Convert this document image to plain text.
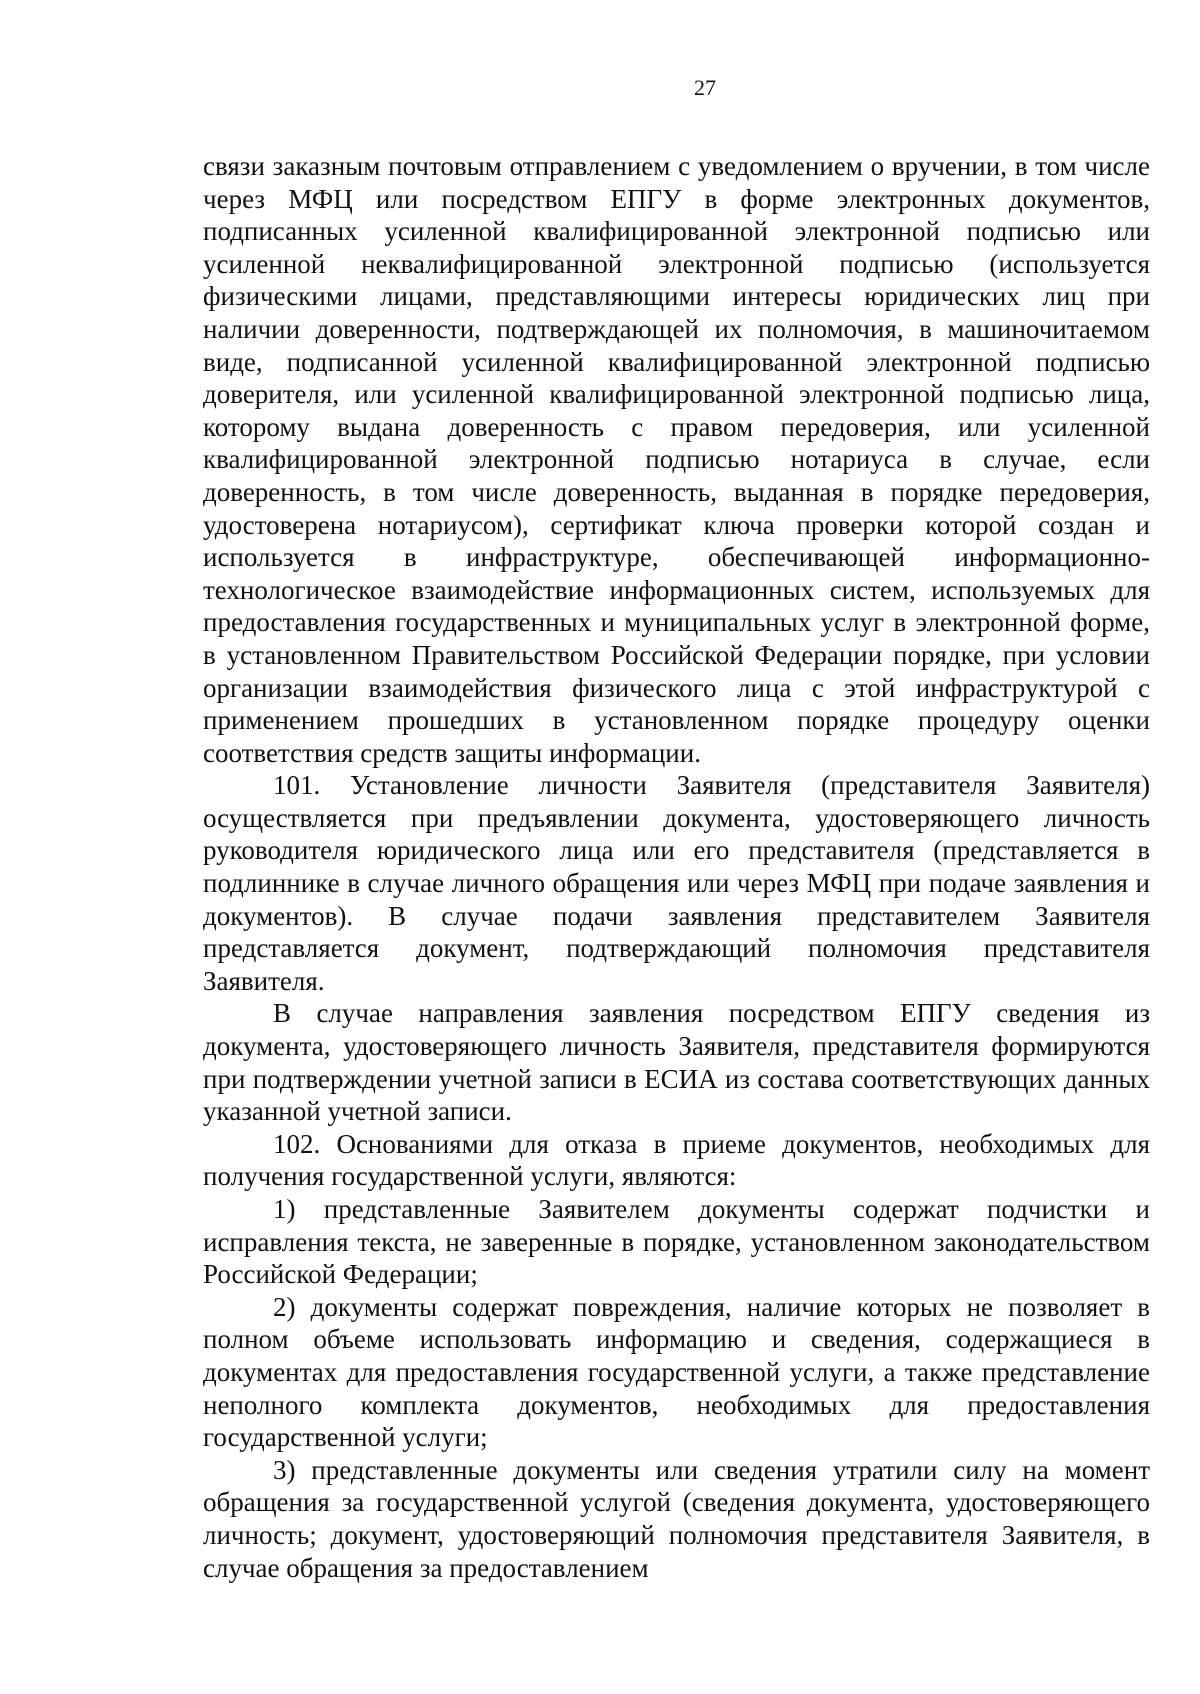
27

связи заказным почтовым отправлением с уведомлением о вручении, в том числе через МФЦ или посредством ЕПГУ в форме электронных документов, подписанных усиленной квалифицированной электронной подписью или усиленной неквалифицированной электронной подписью (используется физическими лицами, представляющими интересы юридических лиц при наличии доверенности, подтверждающей их полномочия, в машиночитаемом виде, подписанной усиленной квалифицированной электронной подписью доверителя, или усиленной квалифицированной электронной подписью лица, которому выдана доверенность с правом передоверия, или усиленной квалифицированной электронной подписью нотариуса в случае, если доверенность, в том числе доверенность, выданная в порядке передоверия, удостоверена нотариусом), сертификат ключа проверки которой создан и используется в инфраструктуре, обеспечивающей информационно-технологическое взаимодействие информационных систем, используемых для предоставления государственных и муниципальных услуг в электронной форме, в установленном Правительством Российской Федерации порядке, при условии организации взаимодействия физического лица с этой инфраструктурой с применением прошедших в установленном порядке процедуру оценки соответствия средств защиты информации.

101. Установление личности Заявителя (представителя Заявителя) осуществляется при предъявлении документа, удостоверяющего личность руководителя юридического лица или его представителя (представляется в подлиннике в случае личного обращения или через МФЦ при подаче заявления и документов). В случае подачи заявления представителем Заявителя представляется документ, подтверждающий полномочия представителя Заявителя.

В случае направления заявления посредством ЕПГУ сведения из документа, удостоверяющего личность Заявителя, представителя формируются при подтверждении учетной записи в ЕСИА из состава соответствующих данных указанной учетной записи.

102. Основаниями для отказа в приеме документов, необходимых для получения государственной услуги, являются:

1) представленные Заявителем документы содержат подчистки и исправления текста, не заверенные в порядке, установленном законодательством Российской Федерации;

2) документы содержат повреждения, наличие которых не позволяет в полном объеме использовать информацию и сведения, содержащиеся в документах для предоставления государственной услуги, а также представление неполного комплекта документов, необходимых для предоставления государственной услуги;

3) представленные документы или сведения утратили силу на момент обращения за государственной услугой (сведения документа, удостоверяющего личность; документ, удостоверяющий полномочия представителя Заявителя, в случае обращения за предоставлением
